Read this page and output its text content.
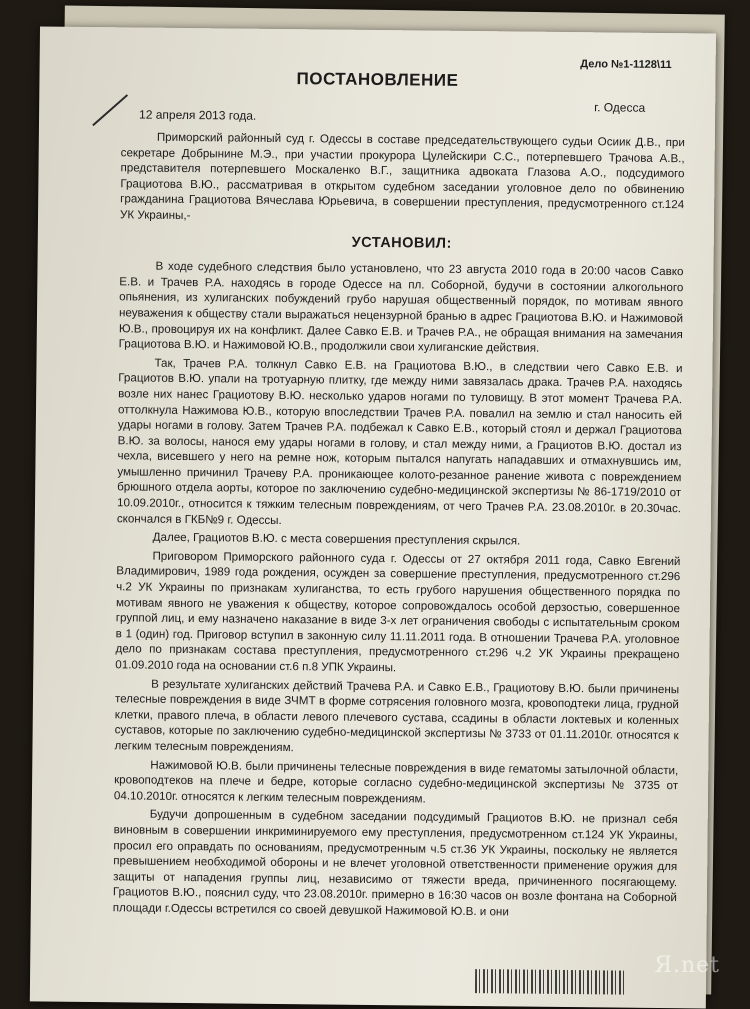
Дело №1-1128\11
ПОСТАНОВЛЕНИЕ
г. Одесса
12 апреля 2013 года.

Приморский районный суд г. Одессы в составе председательствующего судьи Осиик Д.В., при секретаре Добрынине М.Э., при участии прокурора Цулейскири С.С., потерпевшего Трачова А.В., представителя потерпевшего Москаленко В.Г., защитника адвоката Глазова А.О., подсудимого Грациотова В.Ю., рассматривая в открытом судебном заседании уголовное дело по обвинению гражданина Грациотова Вячеслава Юрьевича, в совершении преступления, предусмотренного ст.124 УК Украины,-

УСТАНОВИЛ:

В ходе судебного следствия было установлено, что 23 августа 2010 года в 20:00 часов Савко Е.В. и Трачев Р.А. находясь в городе Одессе на пл. Соборной, будучи в состоянии алкогольного опьянения, из хулиганских побуждений грубо нарушая общественный порядок, по мотивам явного неуважения к обществу стали выражаться нецензурной бранью в адрес Грациотова В.Ю. и Нажимовой Ю.В., провоцируя их на конфликт. Далее Савко Е.В. и Трачев Р.А., не обращая внимания на замечания Грациотова В.Ю. и Нажимовой Ю.В., продолжили свои хулиганские действия.

Так, Трачев Р.А. толкнул Савко Е.В. на Грациотова В.Ю., в следствии чего Савко Е.В. и Грациотов В.Ю. упали на тротуарную плитку, где между ними завязалась драка. Трачев Р.А. находясь возле них нанес Грациотову В.Ю. несколько ударов ногами по туловищу. В этот момент Трачева Р.А. оттолкнула Нажимова Ю.В., которую впоследствии Трачев Р.А. повалил на землю и стал наносить ей удары ногами в голову. Затем Трачев Р.А. подбежал к Савко Е.В., который стоял и держал Грациотова В.Ю. за волосы, нанося ему удары ногами в голову, и стал между ними, а Грациотов В.Ю. достал из чехла, висевшего у него на ремне нож, которым пытался напугать нападавших и отмахнувшись им, умышленно причинил Трачеву Р.А. проникающее колото-резанное ранение живота с повреждением брюшного отдела аорты, которое по заключению судебно-медицинской экспертизы № 86-1719/2010 от 10.09.2010г., относится к тяжким телесным повреждениям, от чего Трачев Р.А. 23.08.2010г. в 20.30час. скончался в ГКБ№9 г. Одессы.

Далее, Грациотов В.Ю. с места совершения преступления скрылся.

Приговором Приморского районного суда г. Одессы от 27 октября 2011 года, Савко Евгений Владимирович, 1989 года рождения, осужден за совершение преступления, предусмотренного ст.296 ч.2 УК Украины по признакам хулиганства, то есть грубого нарушения общественного порядка по мотивам явного не уважения к обществу, которое сопровождалось особой дерзостью, совершенное группой лиц, и ему назначено наказание в виде 3-х лет ограничения свободы с испытательным сроком в 1 (один) год. Приговор вступил в законную силу 11.11.2011 года. В отношении Трачева Р.А. уголовное дело по признакам состава преступления, предусмотренного ст.296 ч.2 УК Украины прекращено 01.09.2010 года на основании ст.6 п.8 УПК Украины.

В результате хулиганских действий Трачева Р.А. и Савко Е.В., Грациотову В.Ю. были причинены телесные повреждения в виде ЗЧМТ в форме сотрясения головного мозга, кровоподтеки лица, грудной клетки, правого плеча, в области левого плечевого сустава, ссадины в области локтевых и коленных суставов, которые по заключению судебно-медицинской экспертизы № 3733 от 01.11.2010г. относятся к легким телесным повреждениям.

Нажимовой Ю.В. были причинены телесные повреждения в виде гематомы затылочной области, кровоподтеков на плече и бедре, которые согласно судебно-медицинской экспертизы № 3735 от 04.10.2010г. относятся к легким телесным повреждениям.

Будучи допрошенным в судебном заседании подсудимый Грациотов В.Ю. не признал себя виновным в совершении инкриминируемого ему преступления, предусмотренном ст.124 УК Украины, просил его оправдать по основаниям, предусмотренным ч.5 ст.36 УК Украины, поскольку не является превышением необходимой обороны и не влечет уголовной ответственности применение оружия для защиты от нападения группы лиц, независимо от тяжести вреда, причиненного посягающему. Грациотов В.Ю., пояснил суду, что 23.08.2010г. примерно в 16:30 часов он возле фонтана на Соборной площади г.Одессы встретился со своей девушкой Нажимовой Ю.В. и они

Я.net
